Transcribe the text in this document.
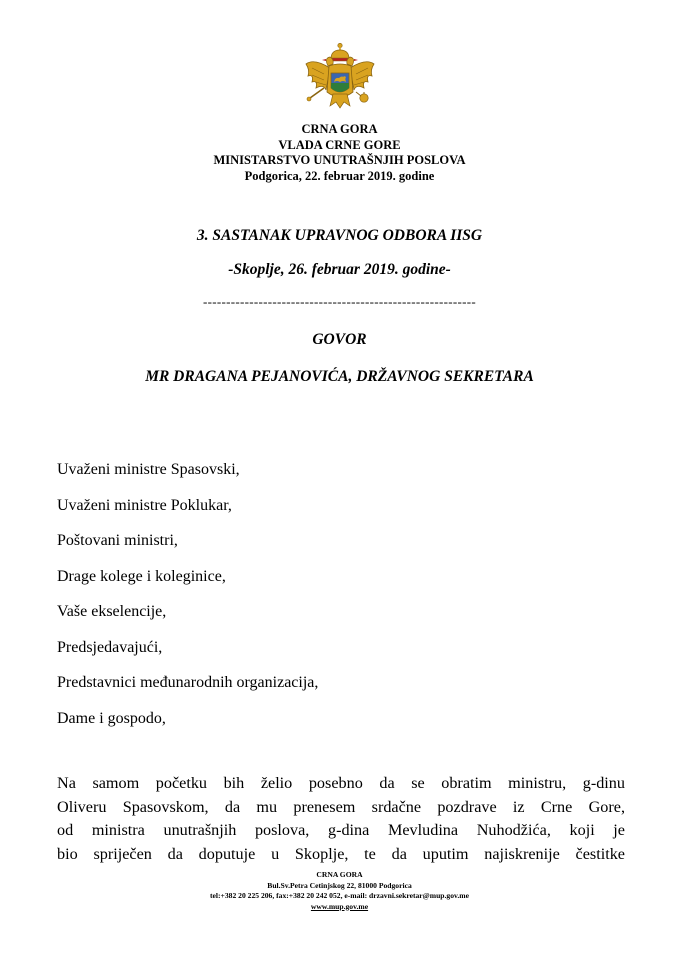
CRNA GORA
VLADA CRNE GORE
MINISTARSTVO UNUTRAŠNJIH POSLOVA
Podgorica, 22. februar 2019. godine
3. SASTANAK UPRAVNOG ODBORA IISG
-Skoplje, 26. februar 2019. godine-
-----------------------------------------------------------
GOVOR
MR DRAGANA PEJANOVIĆA, DRŽAVNOG SEKRETARA
Uvaženi ministre Spasovski,
Uvaženi ministre Poklukar,
Poštovani ministri,
Drage kolege i koleginice,
Vaše ekselencije,
Predsjedavajući,
Predstavnici međunarodnih organizacija,
Dame i gospodo,
Na samom početku bih želio posebno da se obratim ministru, g-dinu
Oliveru Spasovskom, da mu prenesem srdačne pozdrave iz Crne Gore,
od ministra unutrašnjih poslova, g-dina Mevludina Nuhodžića, koji je
bio spriječen da doputuje u Skoplje, te da uputim najiskrenije čestitke
CRNA GORA
Bul.Sv.Petra Cetinjskog 22, 81000 Podgorica
tel:+382 20 225 206, fax:+382 20 242 052, e-mail: drzavni.sekretar@mup.gov.me
www.mup.gov.me
